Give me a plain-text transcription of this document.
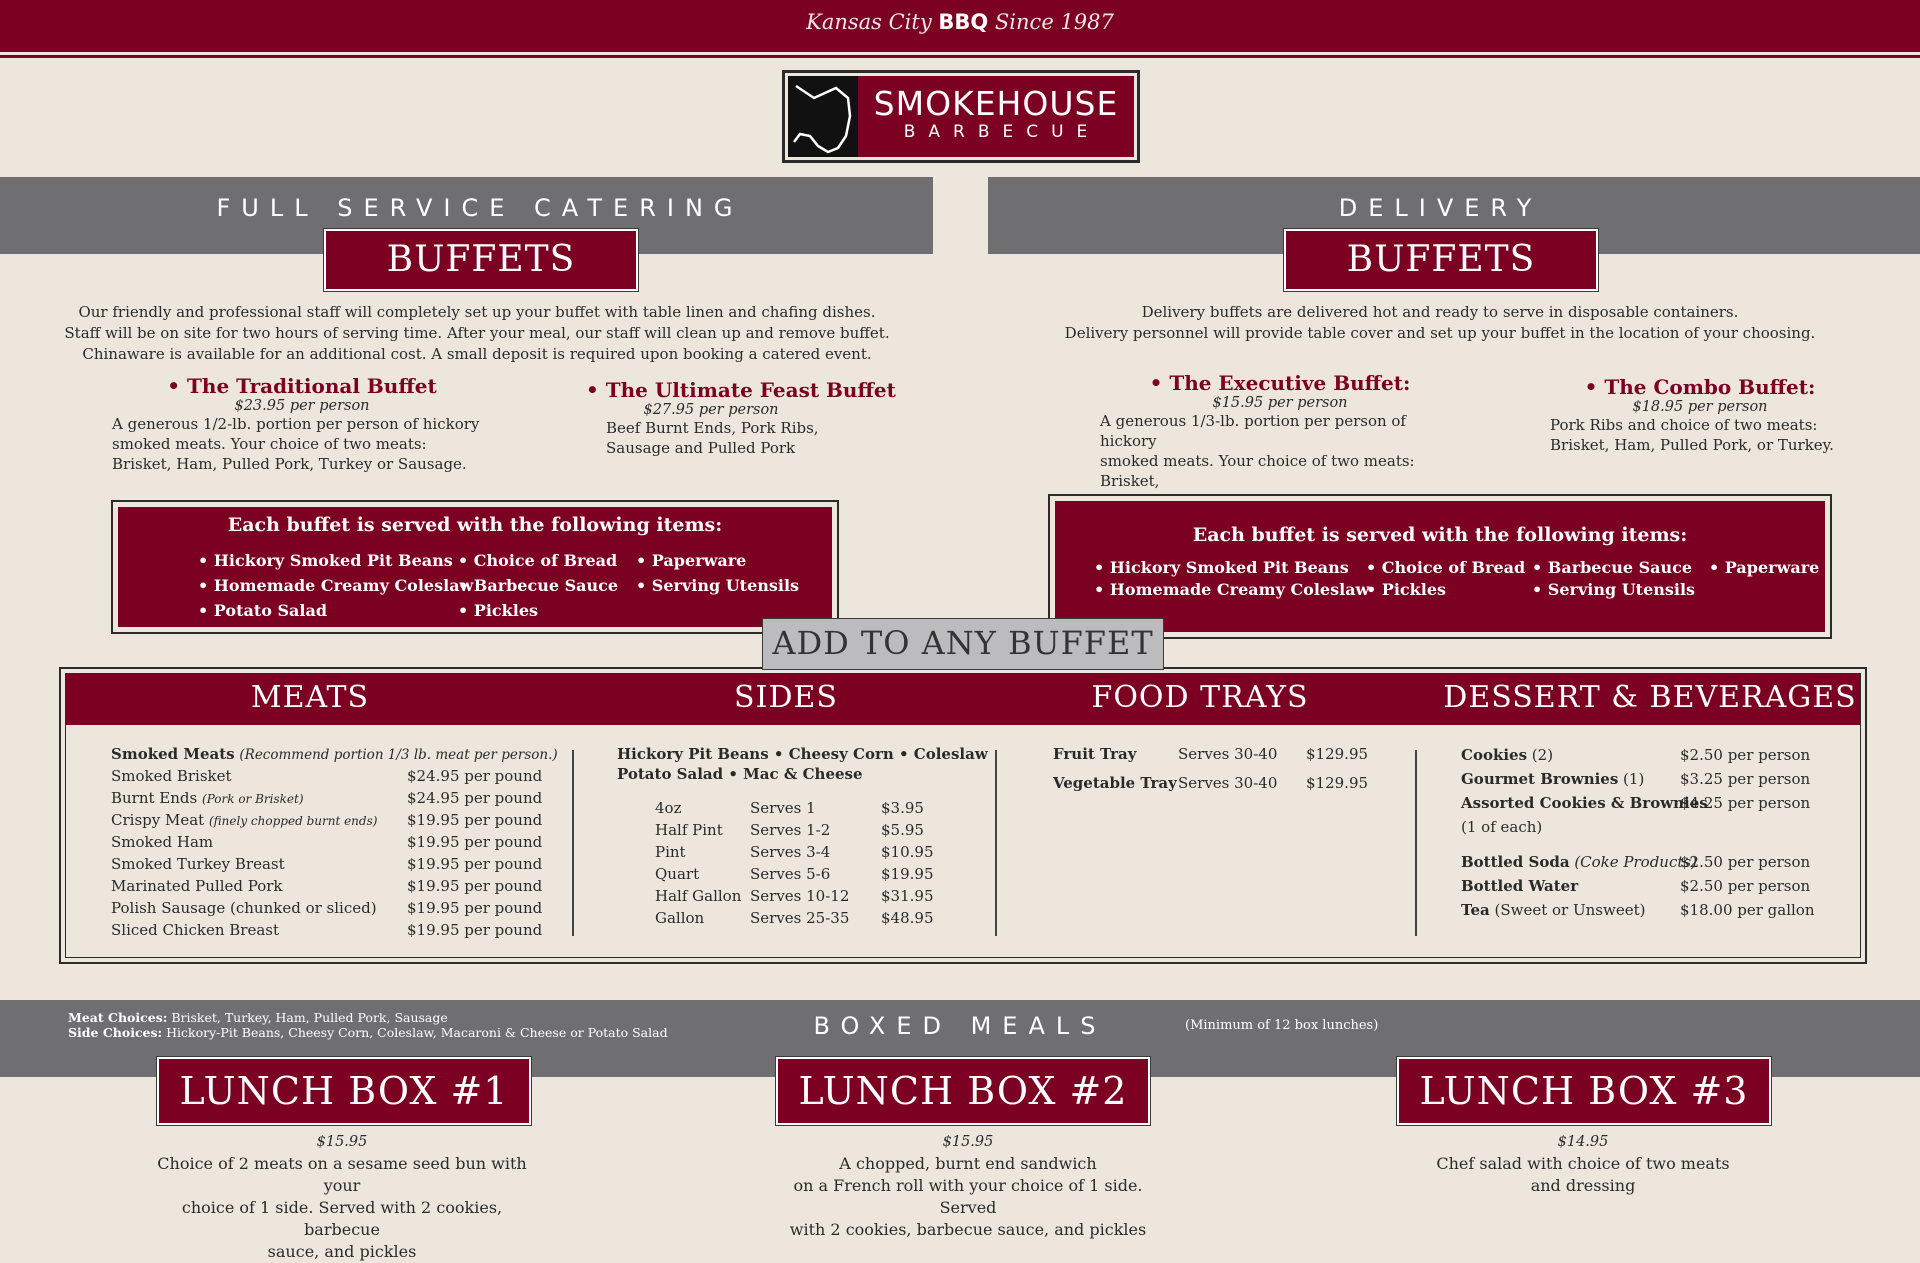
Kansas City BBQ Since 1987
SMOKEHOUSE
BARBECUE
FULL SERVICE CATERING
BUFFETS
Our friendly and professional staff will completely set up your buffet with table linen and chafing dishes.
Staff will be on site for two hours of serving time. After your meal, our staff will clean up and remove buffet.
Chinaware is available for an additional cost. A small deposit is required upon booking a catered event.
• The Traditional Buffet
$23.95 per person
A generous 1/2-lb. portion per person of hickory
smoked meats. Your choice of two meats:
Brisket, Ham, Pulled Pork, Turkey or Sausage.
• The Ultimate Feast Buffet
$27.95 per person
Beef Burnt Ends, Pork Ribs,
Sausage and Pulled Pork
Each buffet is served with the following items:
• Hickory Smoked Pit Beans
• Homemade Creamy Coleslaw
• Potato Salad
• Choice of Bread
• Barbecue Sauce
• Pickles
• Paperware
• Serving Utensils
DELIVERY
BUFFETS
Delivery buffets are delivered hot and ready to serve in disposable containers.
Delivery personnel will provide table cover and set up your buffet in the location of your choosing.
• The Executive Buffet:
$15.95 per person
A generous 1/3-lb. portion per person of hickory
smoked meats. Your choice of two meats: Brisket,
• The Combo Buffet:
$18.95 per person
Pork Ribs and choice of two meats:
Brisket, Ham, Pulled Pork, or Turkey.
Each buffet is served with the following items:
• Hickory Smoked Pit Beans
• Homemade Creamy Coleslaw
• Choice of Bread
• Pickles
• Barbecue Sauce
• Serving Utensils
• Paperware
ADD TO ANY BUFFET
MEATS	SIDES	FOOD TRAYS	DESSERT & BEVERAGES
Smoked Meats (Recommend portion 1/3 lb. meat per person.)
Smoked Brisket	$24.95 per pound
Burnt Ends (Pork or Brisket)	$24.95 per pound
Crispy Meat (finely chopped burnt ends) $19.95 per pound
Smoked Ham	$19.95 per pound
Smoked Turkey Breast	$19.95 per pound
Marinated Pulled Pork	$19.95 per pound
Polish Sausage (chunked or sliced) $19.95 per pound
Sliced Chicken Breast	$19.95 per pound
Hickory Pit Beans • Cheesy Corn • Coleslaw
Potato Salad • Mac & Cheese
4oz	Serves 1	$3.95
Half Pint Serves 1-2	$5.95
Pint	Serves 3-4	$10.95
Quart	Serves 5-6	$19.95
Half Gallon Serves 10-12 $31.95
Gallon	Serves 25-35 $48.95
Fruit Tray	Serves 30-40 $129.95
Vegetable Tray Serves 30-40 $129.95
Cookies (2)	$2.50 per person
Gourmet Brownies (1) $3.25 per person
Assorted Cookies & Brownies
$4.25 per person
(1 of each)
Bottled Soda (Coke Products)
$2.50 per person
Bottled Water	$2.50 per person
Tea (Sweet or Unsweet) $18.00 per gallon
Meat Choices: Brisket, Turkey, Ham, Pulled Pork, Sausage
Side Choices: Hickory-Pit Beans, Cheesy Corn, Coleslaw, Macaroni & Cheese or Potato Salad	BOXED MEALS	(Minimum of 12 box lunches)
LUNCH BOX #1	LUNCH BOX #2	LUNCH BOX #3
$15.95
Choice of 2 meats on a sesame seed bun with your
choice of 1 side. Served with 2 cookies, barbecue
sauce, and pickles
$15.95
A chopped, burnt end sandwich
on a French roll with your choice of 1 side. Served
with 2 cookies, barbecue sauce, and pickles
$14.95
Chef salad with choice of two meats
and dressing
